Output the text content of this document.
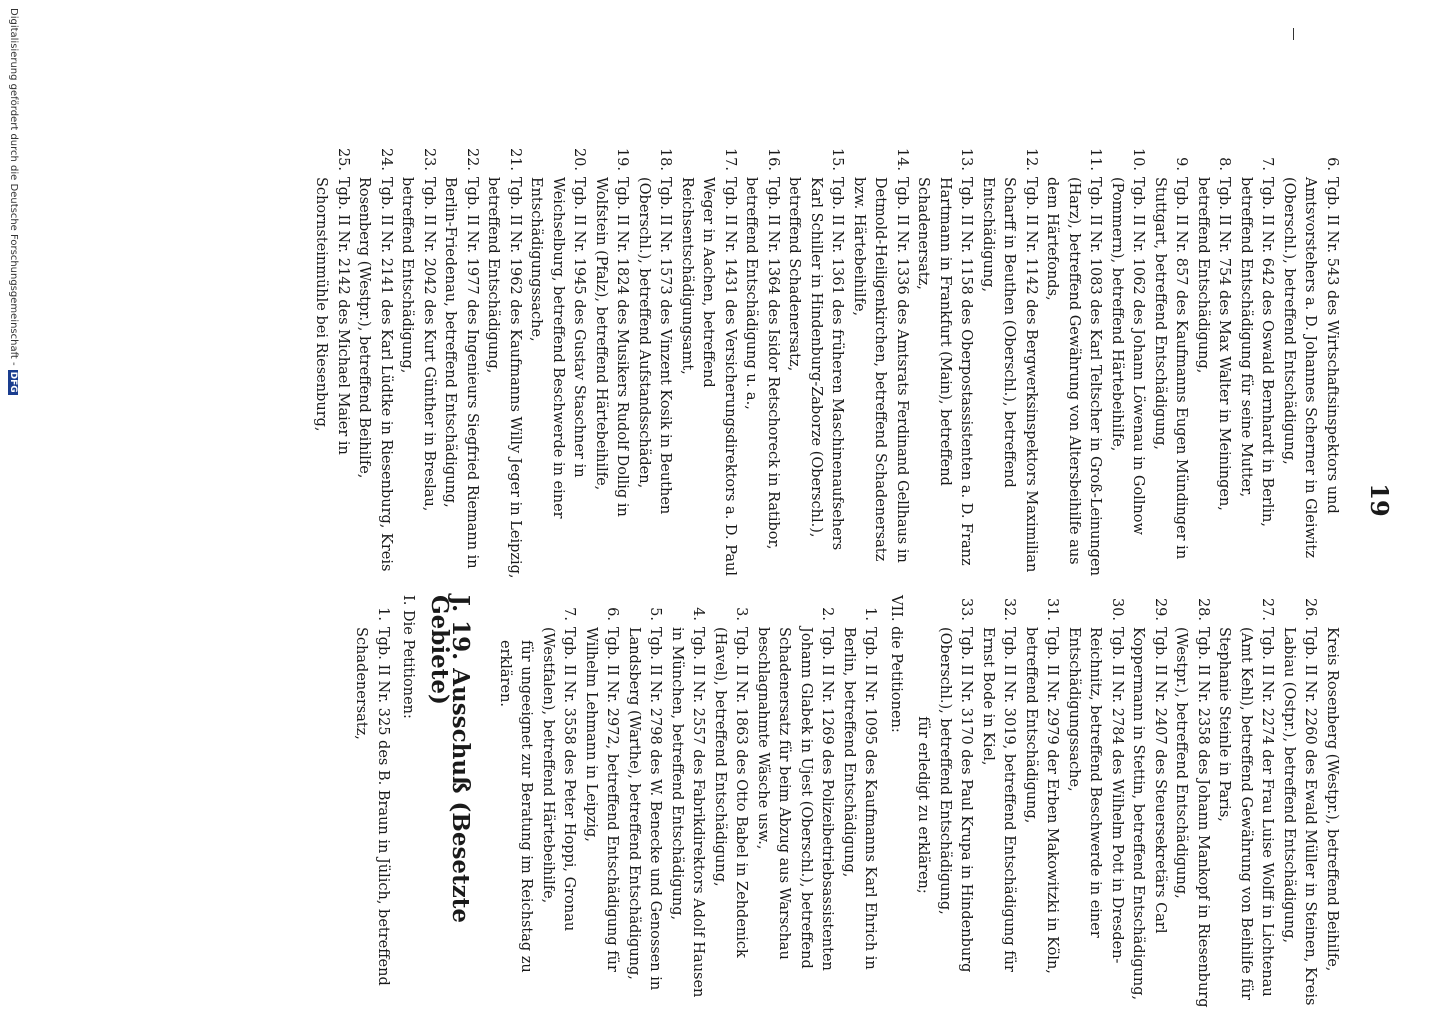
19
6.
Tgb. II Nr. 543 des Wirtschaftsinspektors und Amtsvorstehers a. D. Johannes Scherner in Gleiwitz (Oberschl.), betreffend Entschädigung,
7.
Tgb. II Nr. 642 des Oswald Bernhardt in Berlin, betreffend Entschädigung für seine Mutter,
8.
Tgb. II Nr. 754 des Max Walter in Meiningen, betreffend Entschädigung,
9.
Tgb. II Nr. 857 des Kaufmanns Eugen Mündinger in Stuttgart, betreffend Entschädigung,
10.
Tgb. II Nr. 1062 des Johann Löwenau in Gollnow (Pommern), betreffend Härtebeihilfe,
11.
Tgb. II Nr. 1083 des Karl Teltscher in Groß-Leinungen (Harz), betreffend Gewährung von Altersbeihilfe aus dem Härtefonds,
12.
Tgb. II Nr. 1142 des Bergwerksinspektors Maximilian Scharff in Beuthen (Oberschl.), betreffend Entschädigung,
13.
Tgb. II Nr. 1158 des Oberpostassistenten a. D. Franz Hartmann in Frankfurt (Main), betreffend Schadenersatz,
14.
Tgb. II Nr. 1336 des Amtsrats Ferdinand Gellhaus in Detmold-Heiligenkirchen, betreffend Schadenersatz bzw. Härtebeihilfe,
15.
Tgb. II Nr. 1361 des früheren Maschinenaufsehers Karl Schiller in Hindenburg-Zaborze (Oberschl.), betreffend Schadenersatz,
16.
Tgb. II Nr. 1364 des Isidor Retschoreck in Ratibor, betreffend Entschädigung u. a.,
17.
Tgb. II Nr. 1431 des Versicherungsdirektors a. D. Paul Weger in Aachen, betreffend Reichsentschädigungsamt,
18.
Tgb. II Nr. 1573 des Vinzent Kosik in Beuthen (Oberschl.), betreffend Aufstandsschäden,
19.
Tgb. II Nr. 1824 des Musikers Rudolf Dollig in Wolfstein (Pfalz), betreffend Härtebeihilfe,
20.
Tgb. II Nr. 1945 des Gustav Staschner in Weichselburg, betreffend Beschwerde in einer Entschädigungssache,
21.
Tgb. II Nr. 1962 des Kaufmanns Willy Jeger in Leipzig, betreffend Entschädigung,
22.
Tgb. II Nr. 1977 des Ingenieurs Siegfried Riemann in Berlin-Friedenau, betreffend Entschädigung,
23.
Tgb. II Nr. 2042 des Kurt Günther in Breslau, betreffend Entschädigung,
24.
Tgb. II Nr. 2141 des Karl Lüdtke in Riesenburg, Kreis Rosenberg (Westpr.), betreffend Beihilfe,
25.
Tgb. II Nr. 2142 des Michael Maier in Schornsteinmühle bei Riesenburg,
Kreis Rosenberg (Westpr.), betreffend Beihilfe,
26.
Tgb. II Nr. 2260 des Ewald Müller in Steinen, Kreis Labiau (Ostpr.), betreffend Entschädigung,
27.
Tgb. II Nr. 2274 der Frau Luise Wolff in Lichtenau (Amt Kehl), betreffend Gewährung von Beihilfe für Stephanie Steinle in Paris,
28.
Tgb. II Nr. 2358 des Johann Mankopf in Riesenburg (Westpr.), betreffend Entschädigung,
29.
Tgb. II Nr. 2407 des Steuersekretärs Carl Koppermann in Stettin, betreffend Entschädigung,
30.
Tgb. II Nr. 2784 des Wilhelm Pott in Dresden-Reichnitz, betreffend Beschwerde in einer Entschädigungssache,
31.
Tgb. II Nr. 2979 der Erben Makowitzki in Köln, betreffend Entschädigung,
32.
Tgb. II Nr. 3019, betreffend Entschädigung für Ernst Bode in Kiel,
33.
Tgb. II Nr. 3170 des Paul Krupa in Hindenburg (Oberschl.), betreffend Entschädigung,
für erledigt zu erklären;
VII. die Petitionen:
1.
Tgb. II Nr. 1095 des Kaufmanns Karl Ehrich in Berlin, betreffend Entschädigung,
2.
Tgb. II Nr. 1269 des Polizeibetriebsassistenten Johann Glabek in Ujest (Oberschl.), betreffend Schadenersatz für beim Abzug aus Warschau beschlagnahmte Wäsche usw.,
3.
Tgb. II Nr. 1863 des Otto Babel in Zehdenick (Havel), betreffend Entschädigung,
4.
Tgb. II Nr. 2557 des Fabrikdirektors Adolf Hausen in München, betreffend Entschädigung,
5.
Tgb. II Nr. 2798 des W. Benecke und Genossen in Landsberg (Warthe), betreffend Entschädigung,
6.
Tgb. II Nr. 2972, betreffend Entschädigung für Wilhelm Lehmann in Leipzig,
7.
Tgb. II Nr. 3558 des Peter Hoppi, Gronau (Westfalen), betreffend Härtebeihilfe,
für ungeeignet zur Beratung im Reichstag zu erklären.
J. 19. Ausschuß (Besetzte Gebiete)
I. Die Petitionen:
1.
Tgb. II Nr. 325 des B. Braun in Jülich, betreffend Schadenersatz,
Digitalisierung gefördert durch die Deutsche Forschungsgemeinschaft -
DFG
